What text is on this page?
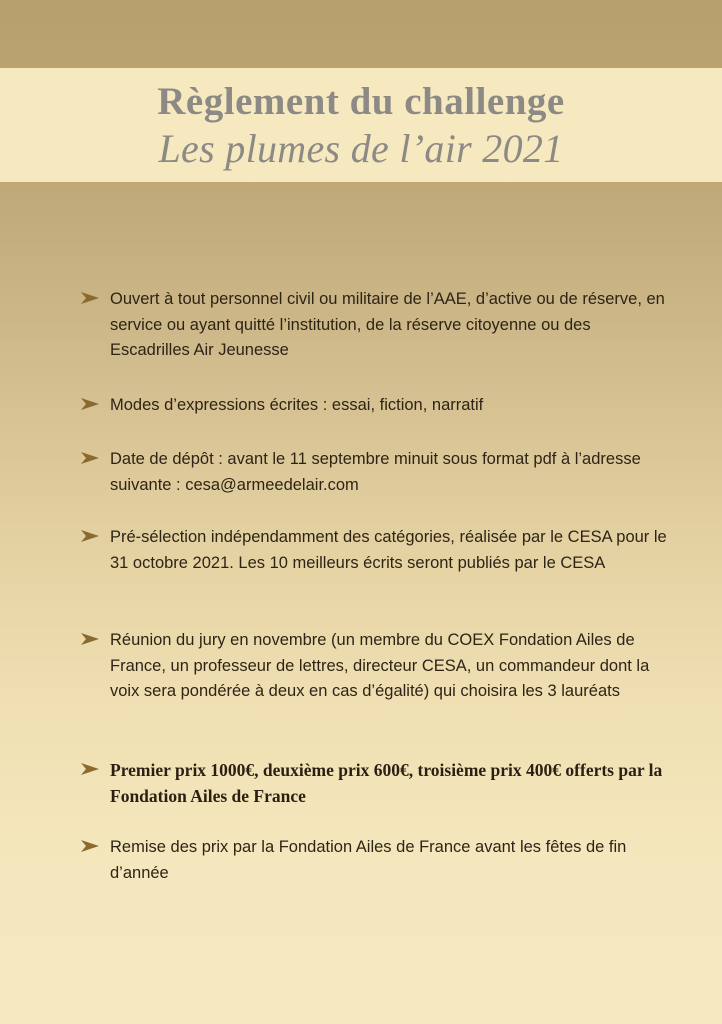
Règlement du challenge
Les plumes de l’air 2021

Ouvert à tout personnel civil ou militaire de l’AAE, d’active ou de réserve, en service ou ayant quitté l’institution, de la réserve citoyenne ou des Escadrilles Air Jeunesse

Modes d’expressions écrites : essai, fiction, narratif

Date de dépôt : avant le 11 septembre minuit sous format pdf à l’adresse suivante : cesa@armeedelair.com

Pré-sélection indépendamment des catégories, réalisée par le CESA pour le 31 octobre 2021. Les 10 meilleurs écrits seront publiés par le CESA

Réunion du jury en novembre (un membre du COEX Fondation Ailes de France, un professeur de lettres, directeur CESA, un commandeur dont la voix sera pondérée à deux en cas d’égalité) qui choisira les 3 lauréats

Premier prix 1000€, deuxième prix 600€, troisième prix 400€ offerts par la Fondation Ailes de France

Remise des prix par la Fondation Ailes de France avant les fêtes de fin d’année
